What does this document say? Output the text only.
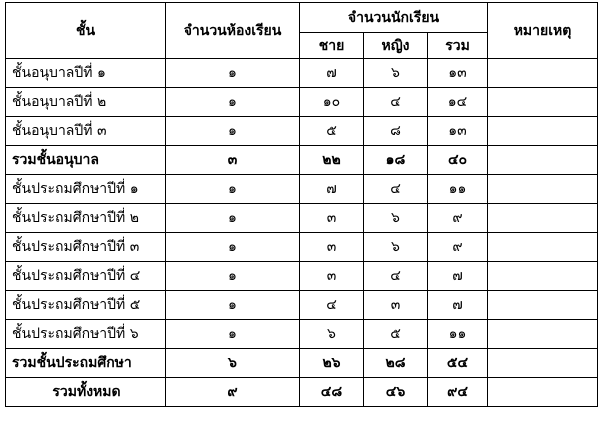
ชั้น	จำนวนห้องเรียน	จำนวนนักเรียน			หมายเหตุ
		ชาย	หญิง	รวม	
ชั้นอนุบาลปีที่ ๑	๑	๗	๖	๑๓	
ชั้นอนุบาลปีที่ ๒	๑	๑๐	๔	๑๔	
ชั้นอนุบาลปีที่ ๓	๑	๕	๘	๑๓	
รวมชั้นอนุบาล	๓	๒๒	๑๘	๔๐	
ชั้นประถมศึกษาปีที่ ๑	๑	๗	๔	๑๑	
ชั้นประถมศึกษาปีที่ ๒	๑	๓	๖	๙	
ชั้นประถมศึกษาปีที่ ๓	๑	๓	๖	๙	
ชั้นประถมศึกษาปีที่ ๔	๑	๓	๔	๗	
ชั้นประถมศึกษาปีที่ ๕	๑	๔	๓	๗	
ชั้นประถมศึกษาปีที่ ๖	๑	๖	๕	๑๑	
รวมชั้นประถมศึกษา	๖	๒๖	๒๘	๕๔	
รวมทั้งหมด	๙	๔๘	๔๖	๙๔	
